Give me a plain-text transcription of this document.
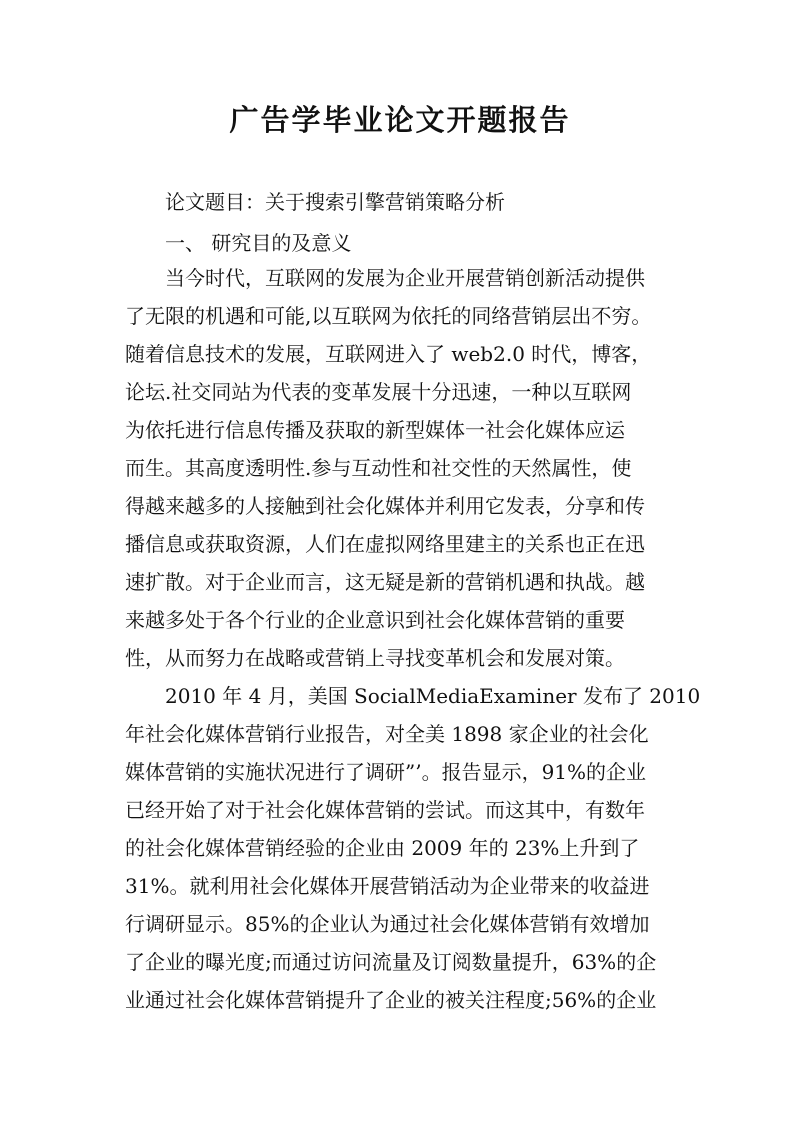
广告学毕业论文开题报告

论文题目：关于搜索引擎营销策略分析

一、 研究目的及意义

当今时代，互联网的发展为企业开展营销创新活动提供

了无限的机遇和可能,以互联网为依托的同络营销层出不穷。

随着信息技术的发展，互联网进入了 web2.0 时代，博客，

论坛.社交同站为代表的变革发展十分迅速，一种以互联网

为依托进行信息传播及获取的新型媒体一社会化媒体应运

而生。其高度透明性.参与互动性和社交性的天然属性，使

得越来越多的人接触到社会化媒体并利用它发表，分享和传

播信息或获取资源，人们在虚拟网络里建主的关系也正在迅

速扩散。对于企业而言，这无疑是新的营销机遇和执战。越

来越多处于各个行业的企业意识到社会化媒体营销的重要

性，从而努力在战略或营销上寻找变革机会和发展对策。

2010 年 4 月，美国 SocialMediaExaminer 发布了 2010

年社会化媒体营销行业报告，对全美 1898 家企业的社会化

媒体营销的实施状况进行了调研”’。报告显示，91%的企业

已经开始了对于社会化媒体营销的尝试。而这其中，有数年

的社会化媒体营销经验的企业由 2009 年的 23%上升到了

31%。就利用社会化媒体开展营销活动为企业带来的收益进

行调研显示。85%的企业认为通过社会化媒体营销有效增加

了企业的曝光度;而通过访问流量及订阅数量提升，63%的企

业通过社会化媒体营销提升了企业的被关注程度;56%的企业
